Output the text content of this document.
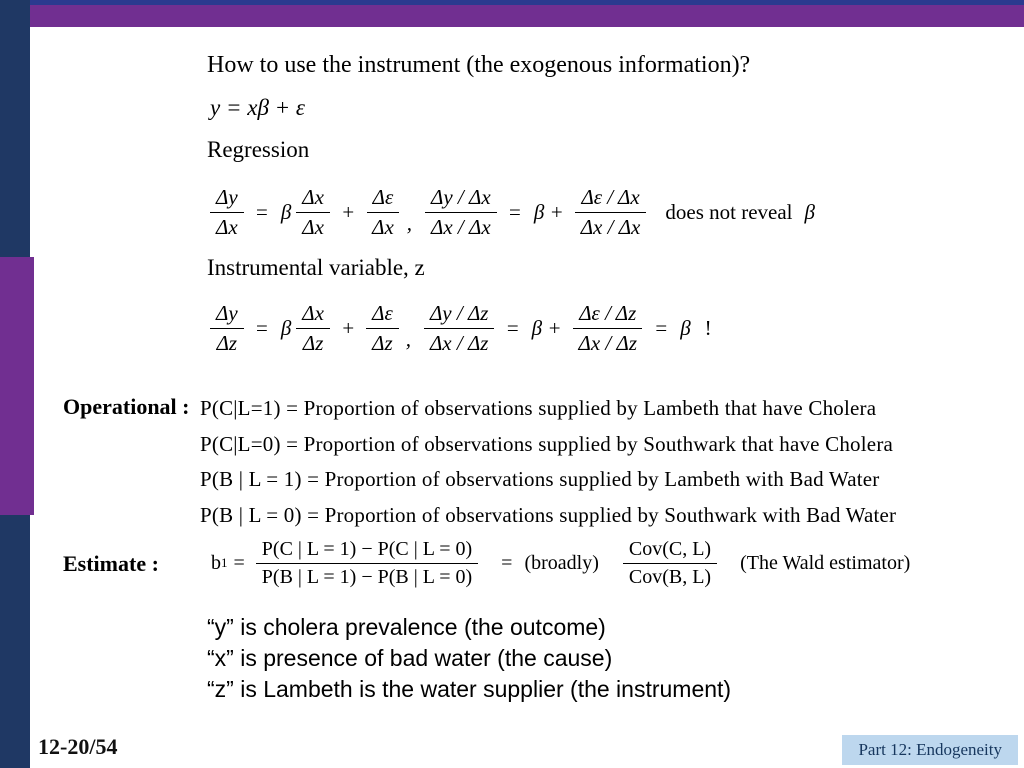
How to use the instrument (the exogenous information)?
y = xβ + ε
Regression
$\frac{\Delta y}{\Delta x} = \beta \frac{\Delta x}{\Delta x} + \frac{\Delta\varepsilon}{\Delta x}$ , $\frac{\Delta y / \Delta x}{\Delta x / \Delta x} = \beta + \frac{\Delta\varepsilon / \Delta x}{\Delta x / \Delta x}$ does not reveal β
Instrumental variable, z
$\frac{\Delta y}{\Delta z} = \beta \frac{\Delta x}{\Delta z} + \frac{\Delta\varepsilon}{\Delta z}$ , $\frac{\Delta y / \Delta z}{\Delta x / \Delta z} = \beta + \frac{\Delta\varepsilon / \Delta z}{\Delta x / \Delta z} = \beta$ !
Operational : P(C|L=1) = Proportion of observations supplied by Lambeth that have Cholera
P(C|L=0) = Proportion of observations supplied by Southwark that have Cholera
P(B | L = 1) = Proportion of observations supplied by Lambeth with Bad Water
P(B | L = 0) = Proportion of observations supplied by Southwark with Bad Water
Estimate :	b $1 = \frac{P(C | L = 1) - P(C | L = 0)}{P(B | L = 1) - P(B | L = 0)}$ = (broadly) $\frac{\text{Cov(C, L)}}{\text{Cov(B, L)}} (The$ Wald estimator)
“y” is cholera prevalence (the outcome)
“x” is presence of bad water (the cause)
“z” is Lambeth is the water supplier (the instrument)
12-20/54	Part 12: Endogeneity
